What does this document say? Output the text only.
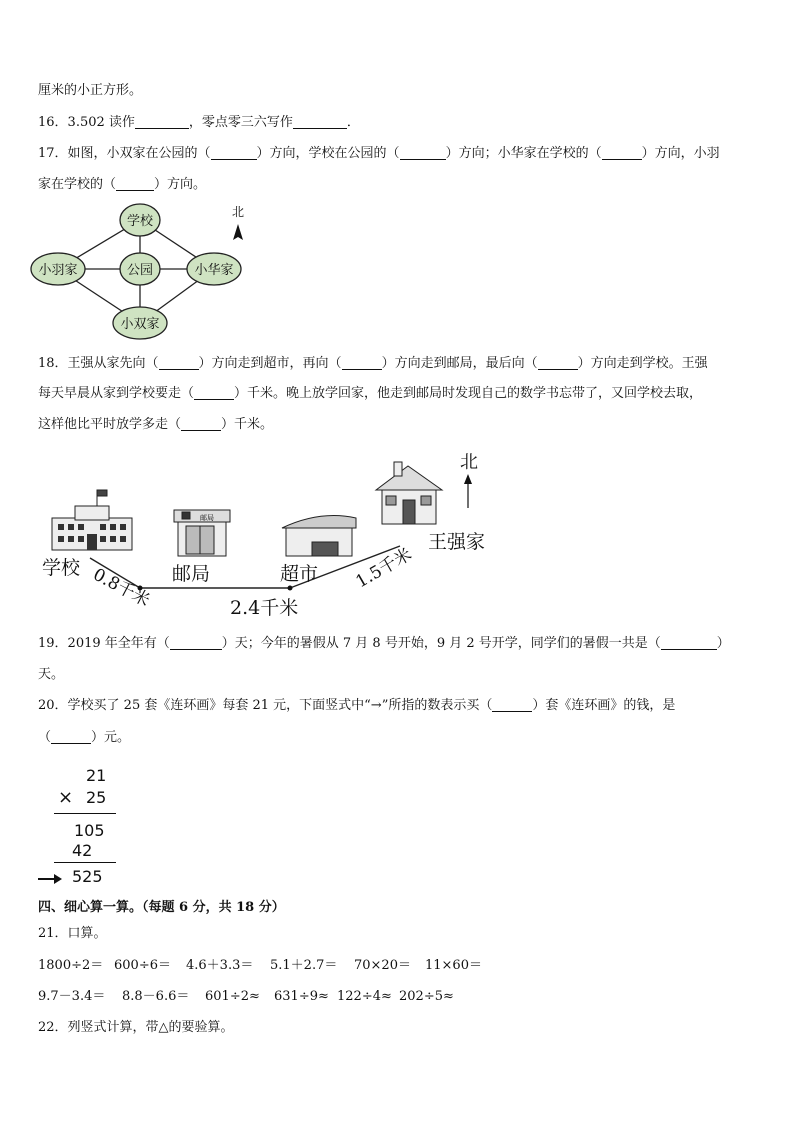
厘米的小正方形。
16．3.502 读作	，零点零三六写作	．
17．如图，小双家在公园的（	）方向，学校在公园的（	）方向；小华家在学校的（	）方向，小羽
家在学校的（	）方向。
学校
公园
小羽家	小华家
小双家
北
18．王强从家先向（	）方向走到超市，再向（	）方向走到邮局，最后向（	）方向走到学校。王强
每天早晨从家到学校要走（	）千米。晚上放学回家，他走到邮局时发现自己的数学书忘带了，又回学校去取，
这样他比平时放学多走（	）千米。
邮局
北
学校	邮局	超市
王强家
2.4千米
0.8千米	1.5千米
19．2019 年全年有（	）天；今年的暑假从 7 月 8 号开始，9 月 2 号开学，同学们的暑假一共是（	）
天。
20．学校买了 25 套《连环画》每套 21 元，下面竖式中“→”所指的数表示买（	）套《连环画》的钱，是
（	）元。
21
× 25
105
42
525
四、细心算一算。（每题 6 分，共 18 分）
21．口算。
1800÷2＝ 600÷6＝ 4.6＋3.3＝ 5.1＋2.7＝ 70×20＝ 11×60＝
9.7－3.4＝ 8.8－6.6＝ 601÷2≈ 631÷9≈ 122÷4≈ 202÷5≈
22．列竖式计算，带△的要验算。
